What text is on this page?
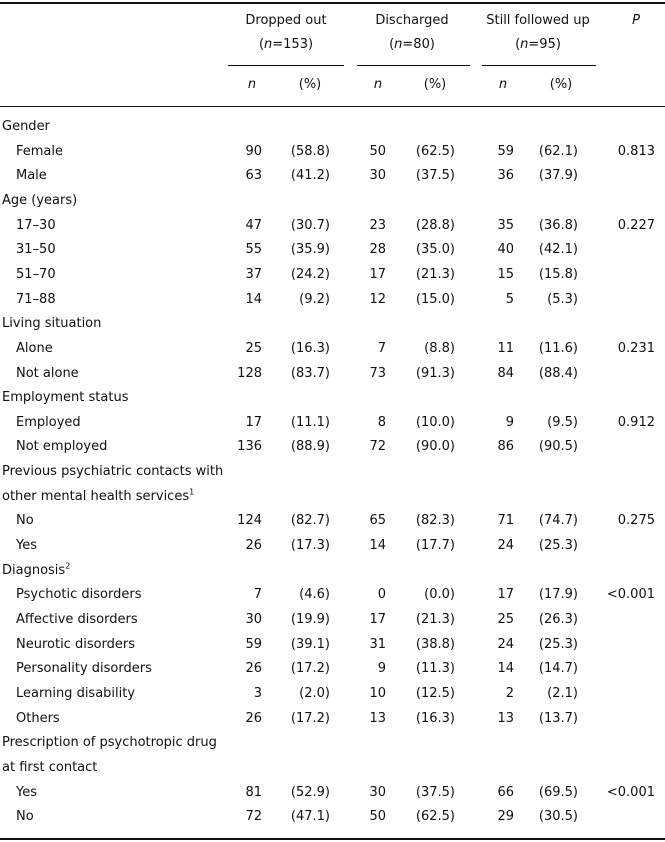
Dropped out
(n=153)
Discharged
(n=80)
Still followed up
(n=95)
P
n	(%)	n	(%)	n	(%)
Gender
Female	90	(58.8)	50	(62.5)	59	(62.1)	0.813
Male	63	(41.2)	30	(37.5)	36	(37.9)
Age (years)
17–30	47	(30.7)	23	(28.8)	35	(36.8)	0.227
31–50	55	(35.9)	28	(35.0)	40	(42.1)
51–70	37	(24.2)	17	(21.3)	15	(15.8)
71–88	14	(9.2)	12	(15.0)	5	(5.3)
Living situation
Alone	25	(16.3)	7	(8.8)	11	(11.6)	0.231
Not alone	128	(83.7)	73	(91.3)	84	(88.4)
Employment status
Employed	17	(11.1)	8	(10.0)	9	(9.5)	0.912
Not employed	136	(88.9)	72	(90.0)	86	(90.5)
Previous psychiatric contacts with
other mental health services$^1$
No	124	(82.7)	65	(82.3)	71	(74.7)	0.275
Yes	26	(17.3)	14	(17.7)	24	(25.3)
Diagnosis$^2$
Psychotic disorders	7	(4.6)	0	(0.0)	17	(17.9)	<0.001
Affective disorders	30	(19.9)	17	(21.3)	25	(26.3)
Neurotic disorders	59	(39.1)	31	(38.8)	24	(25.3)
Personality disorders	26	(17.2)	9	(11.3)	14	(14.7)
Learning disability	3	(2.0)	10	(12.5)	2	(2.1)
Others	26	(17.2)	13	(16.3)	13	(13.7)
Prescription of psychotropic drug
at first contact
Yes	81	(52.9)	30	(37.5)	66	(69.5)	<0.001
No	72	(47.1)	50	(62.5)	29	(30.5)
